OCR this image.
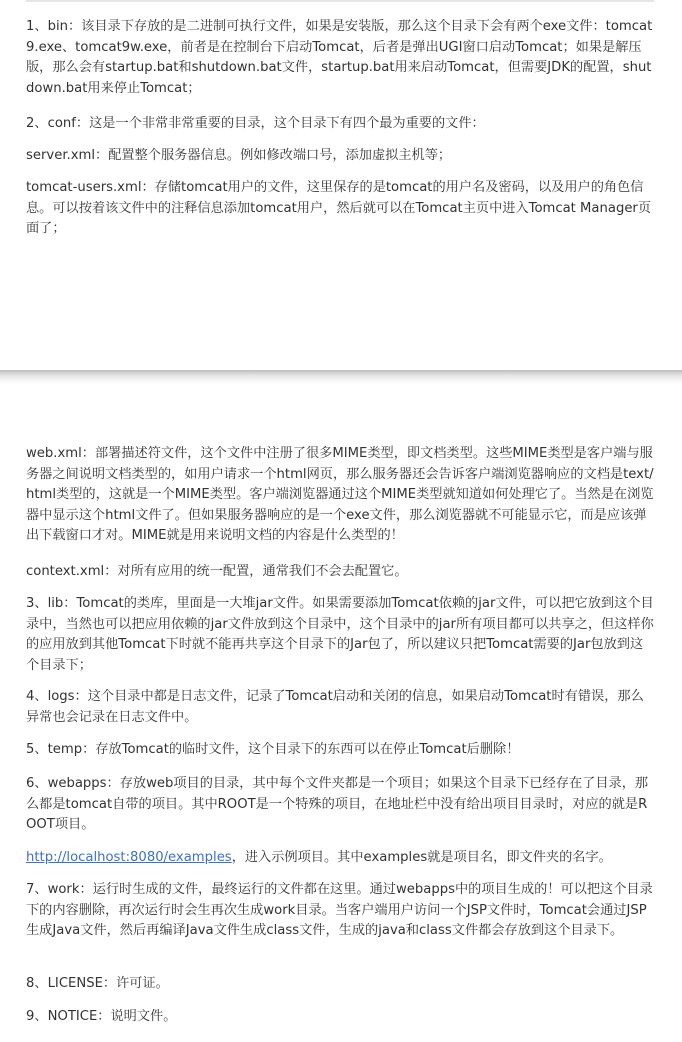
1、bin：该目录下存放的是二进制可执行文件，如果是安装版，那么这个目录下会有两个exe文件：tomcat9.exe、tomcat9w.exe，前者是在控制台下启动Tomcat，后者是弹出UGI窗口启动Tomcat；如果是解压版，那么会有startup.bat和shutdown.bat文件，startup.bat用来启动Tomcat，但需要JDK的配置，shutdown.bat用来停止Tomcat；

2、conf：这是一个非常非常重要的目录，这个目录下有四个最为重要的文件：

server.xml：配置整个服务器信息。例如修改端口号，添加虚拟主机等；

tomcat-users.xml：存储tomcat用户的文件，这里保存的是tomcat的用户名及密码，以及用户的角色信息。可以按着该文件中的注释信息添加tomcat用户，然后就可以在Tomcat主页中进入Tomcat Manager页面了；

web.xml：部署描述符文件，这个文件中注册了很多MIME类型，即文档类型。这些MIME类型是客户端与服务器之间说明文档类型的，如用户请求一个html网页，那么服务器还会告诉客户端浏览器响应的文档是text/html类型的，这就是一个MIME类型。客户端浏览器通过这个MIME类型就知道如何处理它了。当然是在浏览器中显示这个html文件了。但如果服务器响应的是一个exe文件，那么浏览器就不可能显示它，而是应该弹出下载窗口才对。MIME就是用来说明文档的内容是什么类型的！

context.xml：对所有应用的统一配置，通常我们不会去配置它。

3、lib：Tomcat的类库，里面是一大堆jar文件。如果需要添加Tomcat依赖的jar文件，可以把它放到这个目录中，当然也可以把应用依赖的jar文件放到这个目录中，这个目录中的jar所有项目都可以共享之，但这样你的应用放到其他Tomcat下时就不能再共享这个目录下的Jar包了，所以建议只把Tomcat需要的Jar包放到这个目录下；

4、logs：这个目录中都是日志文件，记录了Tomcat启动和关闭的信息，如果启动Tomcat时有错误，那么异常也会记录在日志文件中。

5、temp：存放Tomcat的临时文件，这个目录下的东西可以在停止Tomcat后删除！

6、webapps：存放web项目的目录，其中每个文件夹都是一个项目；如果这个目录下已经存在了目录，那么都是tomcat自带的项目。其中ROOT是一个特殊的项目，在地址栏中没有给出项目目录时，对应的就是ROOT项目。

http://localhost:8080/examples，进入示例项目。其中examples就是项目名，即文件夹的名字。

7、work：运行时生成的文件，最终运行的文件都在这里。通过webapps中的项目生成的！可以把这个目录下的内容删除，再次运行时会生再次生成work目录。当客户端用户访问一个JSP文件时，Tomcat会通过JSP生成Java文件，然后再编译Java文件生成class文件，生成的java和class文件都会存放到这个目录下。

8、LICENSE：许可证。

9、NOTICE：说明文件。
